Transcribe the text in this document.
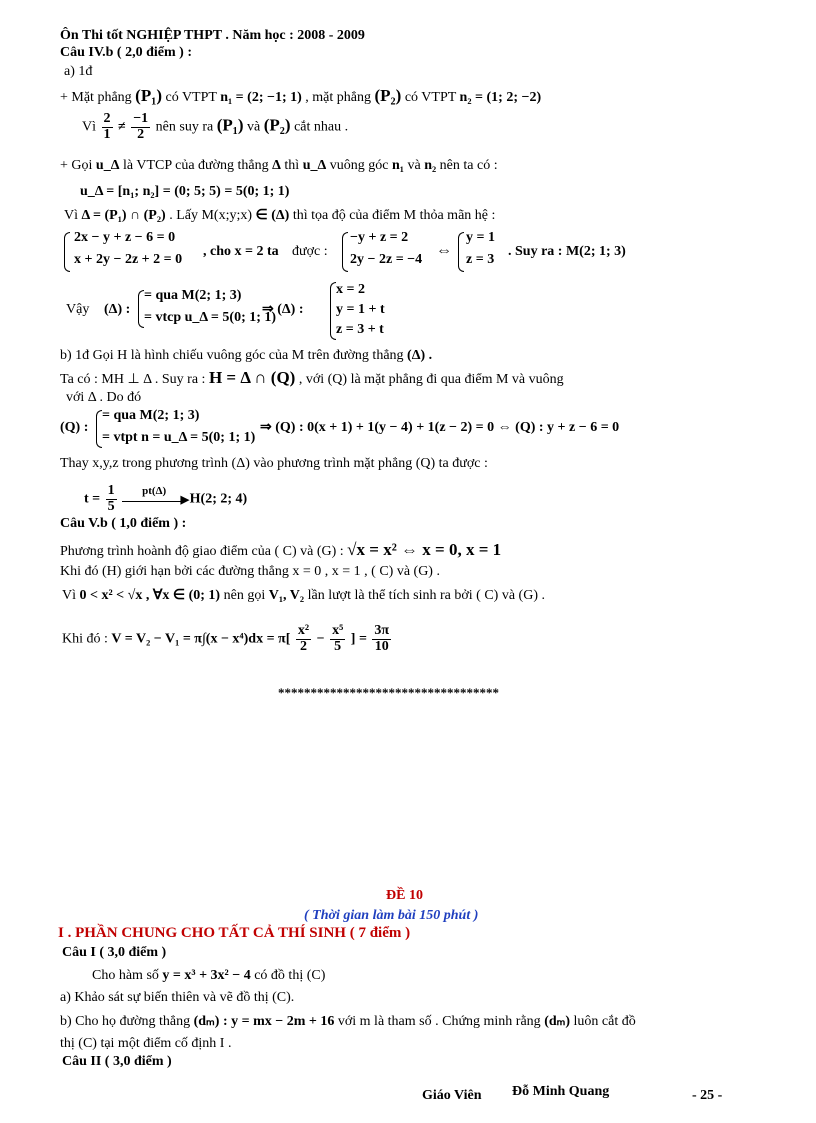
Ôn Thi tốt NGHIỆP THPT . Năm học : 2008 - 2009
Câu IV.b ( 2,0 điểm ) :
a) 1đ
+ Mặt phẳng (P₁) có VTPT n₁ = (2; −1; 1) , mặt phẳng (P₂) có VTPT n₂ = (1; 2; −2)
Vì $\frac{2}{1} \ne \frac{-1}{2}$ nên suy ra (P₁) và (P₂) cắt nhau .
+ Gọi u_Δ là VTCP của đường thẳng Δ thì u_Δ vuông góc n₁ và n₂ nên ta có :
u_Δ = [n₁; n₂] = (0; 5; 5) = 5(0; 1; 1)
Vì Δ = (P₁) ∩ (P₂) . Lấy M(x;y;x) ∈ (Δ) thì tọa độ của điểm M thỏa mãn hệ :
2x − y + z − 6 = 0
x + 2y − 2z + 2 = 0
, cho x = 2 ta được :
−y + z = 2
2y − 2z = −4
⇔
y = 1
z = 3
. Suy ra : M(2; 1; 3)
Vậy (Δ) :
= qua M(2; 1; 3)
= vtcp u_Δ = 5(0; 1; 1)
⇒ (Δ) :
x = 2
y = 1 + t
z = 3 + t
b) 1đ Gọi H là hình chiếu vuông góc của M trên đường thẳng (Δ) .
Ta có : MH ⊥ Δ . Suy ra : H = Δ ∩ (Q) , với (Q) là mặt phẳng đi qua điểm M và vuông
với Δ . Do đó
(Q) :
= qua M(2; 1; 3)
= vtpt n = u_Δ = 5(0; 1; 1)
⇒ (Q) : 0(x + 1) + 1(y − 4) + 1(z − 2) = 0 ⇔ (Q) : y + z − 6 = 0
Thay x,y,z trong phương trình (Δ) vào phương trình mặt phẳng (Q) ta được :
$t = \frac{1}{5} ^{pt(\Delta)}$
▶ H(2; 2; 4)
Câu V.b ( 1,0 điểm ) :
Phương trình hoành độ giao điểm của ( C) và (G) : √x = x² ⇔ x = 0, x = 1
Khi đó (H) giới hạn bởi các đường thẳng x = 0 , x = 1 , ( C) và (G) .
Vì 0 < x² < √x , ∀x ∈ (0; 1) nên gọi V₁, V₂ lần lượt là thể tích sinh ra bởi ( C) và (G) .
Khi đó : $V = V_2 - V_1 = \pi\int(x - x^4)dx = \pi[ \frac{\text{x²}}{2} - \frac{\text{x⁵}}{5}$ ] = $\frac{3\pi}{10}$
**********************************
ĐỀ 10
( Thời gian làm bài 150 phút )
I . PHẦN CHUNG CHO TẤT CẢ THÍ SINH ( 7 điểm )
Câu I ( 3,0 điểm )
Cho hàm số y = x³ + 3x² − 4 có đồ thị (C)
a) Khảo sát sự biến thiên và vẽ đồ thị (C).
b) Cho họ đường thẳng (dₘ) : y = mx − 2m + 16 với m là tham số . Chứng minh rằng (dₘ) luôn cắt đồ
thị (C) tại một điểm cố định I .
Câu II ( 3,0 điểm )
Giáo Viên Đỗ Minh Quang	- 25 -
